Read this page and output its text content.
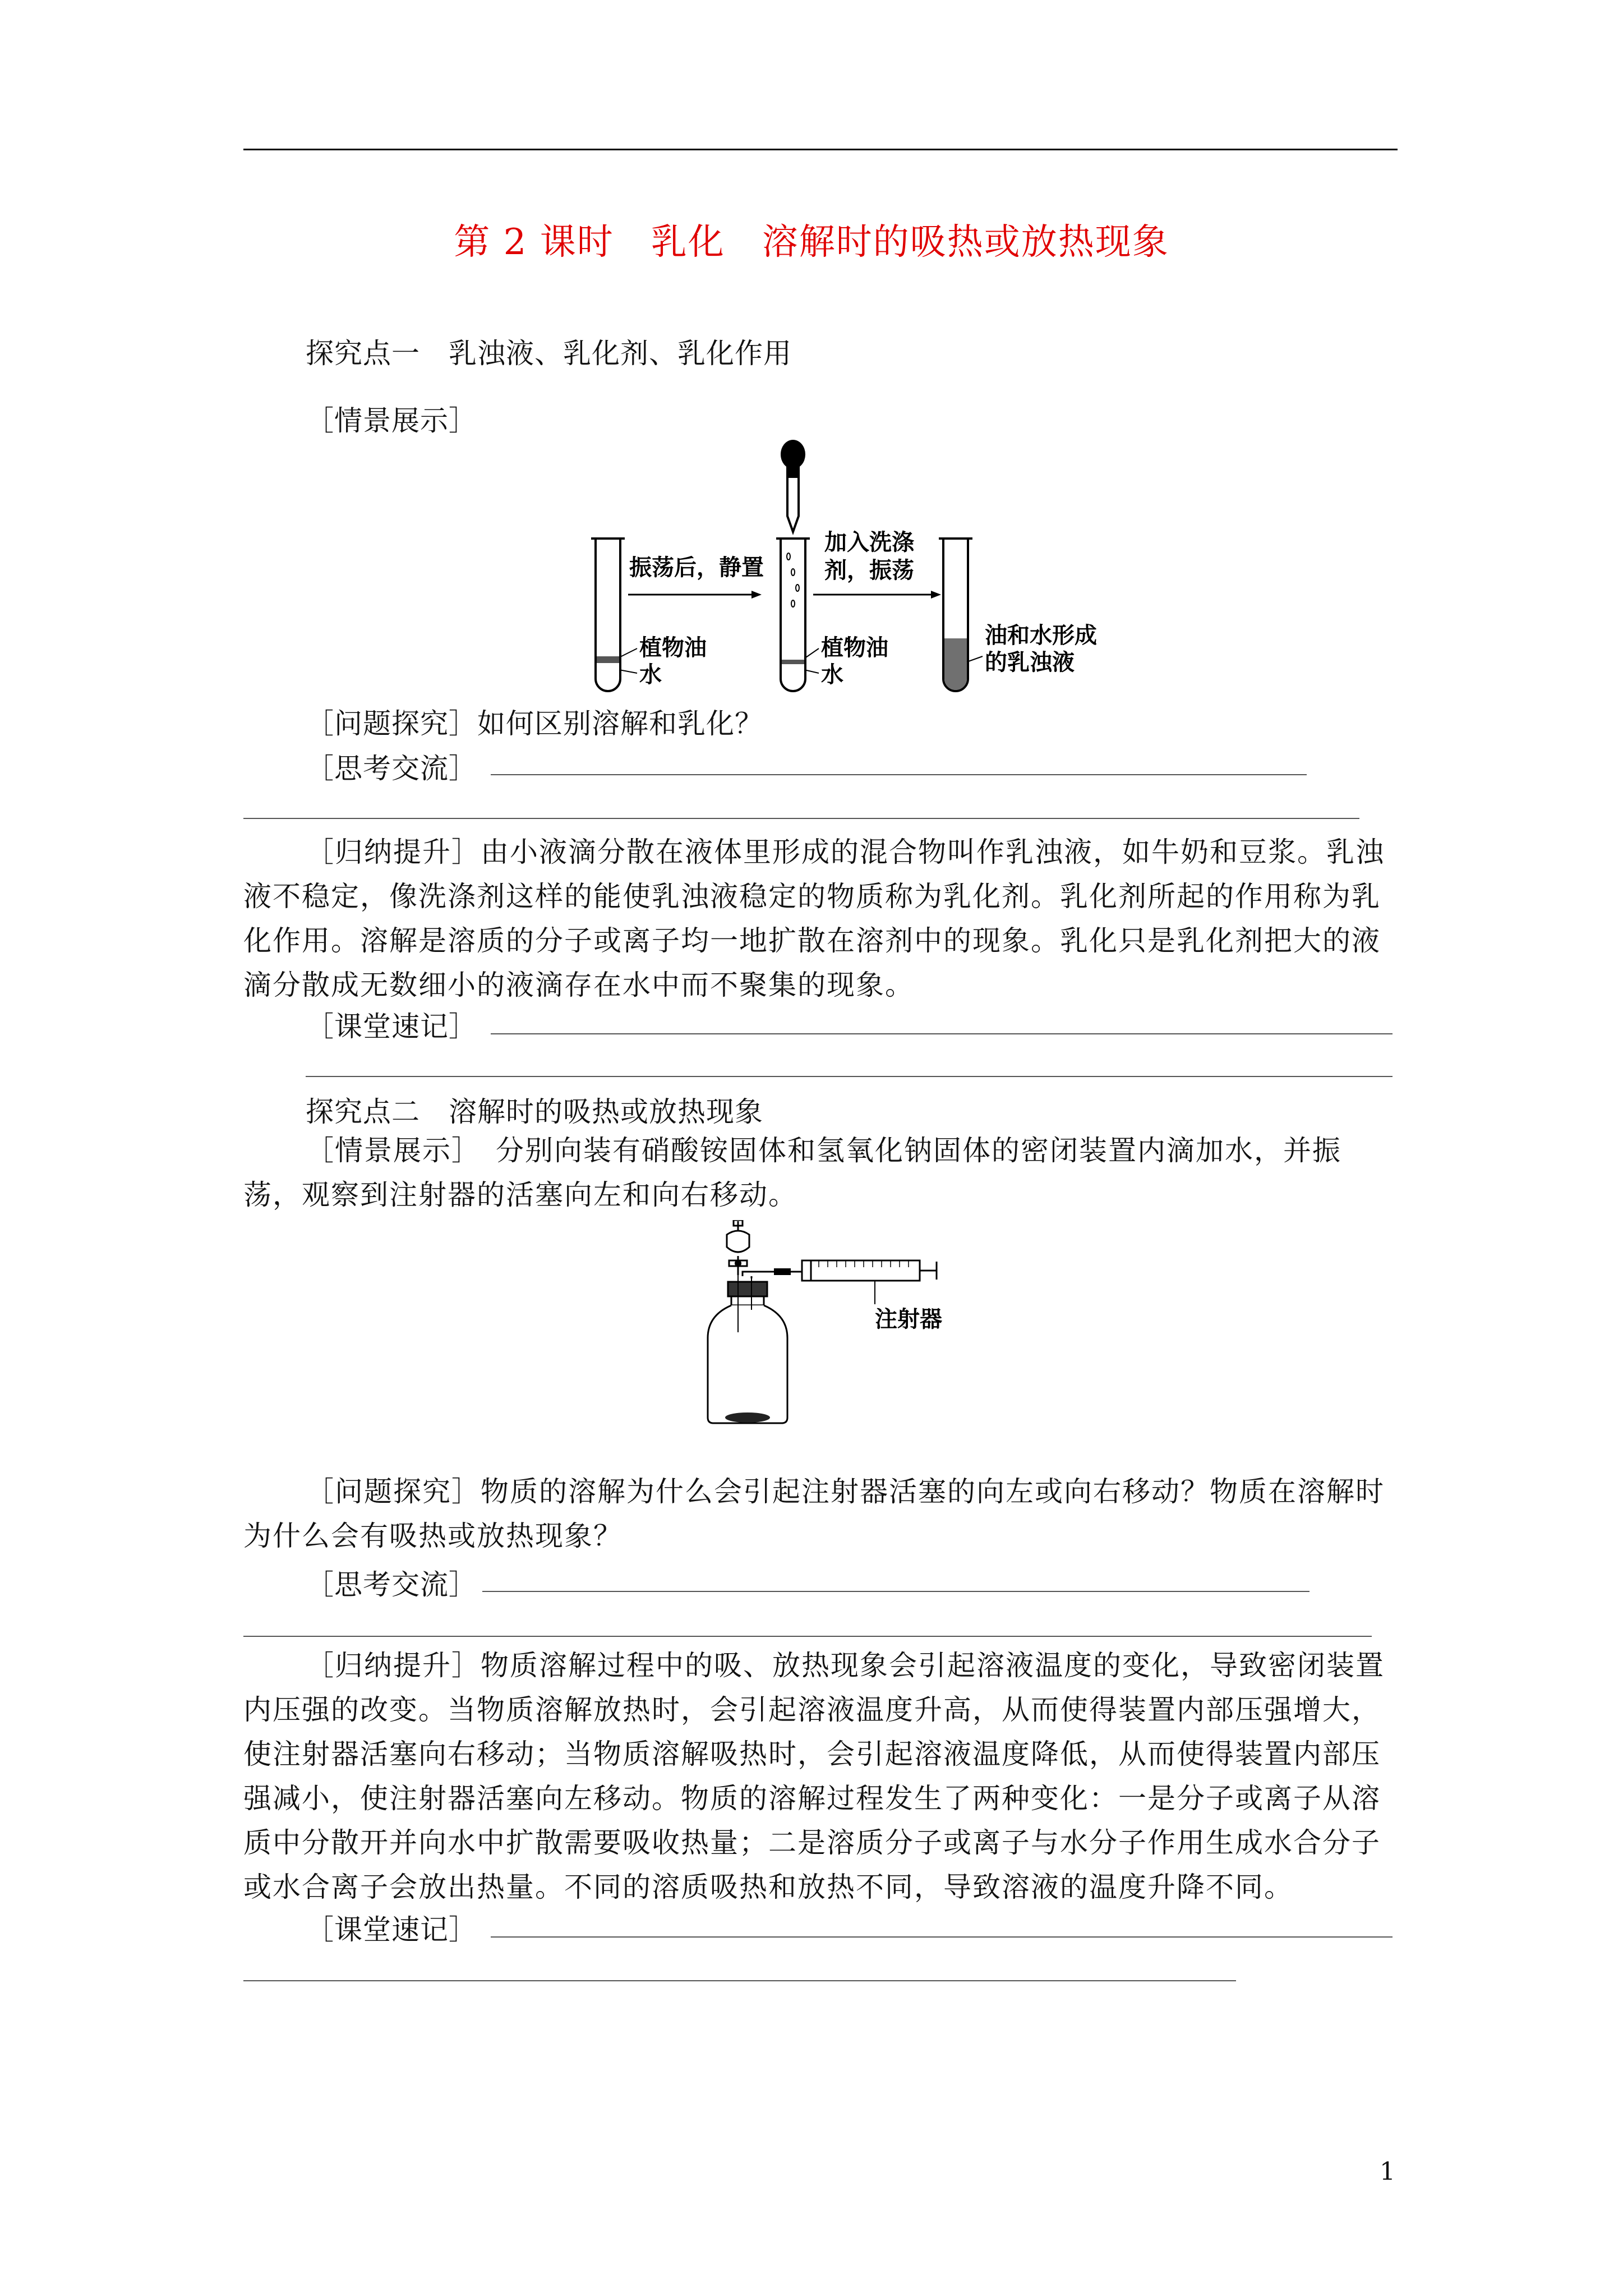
第 2 课时　乳化　溶解时的吸热或放热现象
探究点一　乳浊液、乳化剂、乳化作用
［情景展示］
振荡后，静置
加入洗涤
剂，振荡
植物油
水
植物油
水
油和水形成
的乳浊液
［问题探究］如何区别溶解和乳化？
［思考交流］
［归纳提升］由小液滴分散在液体里形成的混合物叫作乳浊液，如牛奶和豆浆。乳浊液不稳定，像洗涤剂这样的能使乳浊液稳定的物质称为乳化剂。乳化剂所起的作用称为乳化作用。溶解是溶质的分子或离子均一地扩散在溶剂中的现象。乳化只是乳化剂把大的液滴分散成无数细小的液滴存在水中而不聚集的现象。
［课堂速记］
探究点二　溶解时的吸热或放热现象
［情景展示］　分别向装有硝酸铵固体和氢氧化钠固体的密闭装置内滴加水，并振荡，观察到注射器的活塞向左和向右移动。
注射器
［问题探究］物质的溶解为什么会引起注射器活塞的向左或向右移动？物质在溶解时为什么会有吸热或放热现象？
［思考交流］
［归纳提升］物质溶解过程中的吸、放热现象会引起溶液温度的变化，导致密闭装置内压强的改变。当物质溶解放热时，会引起溶液温度升高，从而使得装置内部压强增大，使注射器活塞向右移动；当物质溶解吸热时，会引起溶液温度降低，从而使得装置内部压强减小，使注射器活塞向左移动。物质的溶解过程发生了两种变化：一是分子或离子从溶质中分散开并向水中扩散需要吸收热量；二是溶质分子或离子与水分子作用生成水合分子或水合离子会放出热量。不同的溶质吸热和放热不同，导致溶液的温度升降不同。
［课堂速记］
1
